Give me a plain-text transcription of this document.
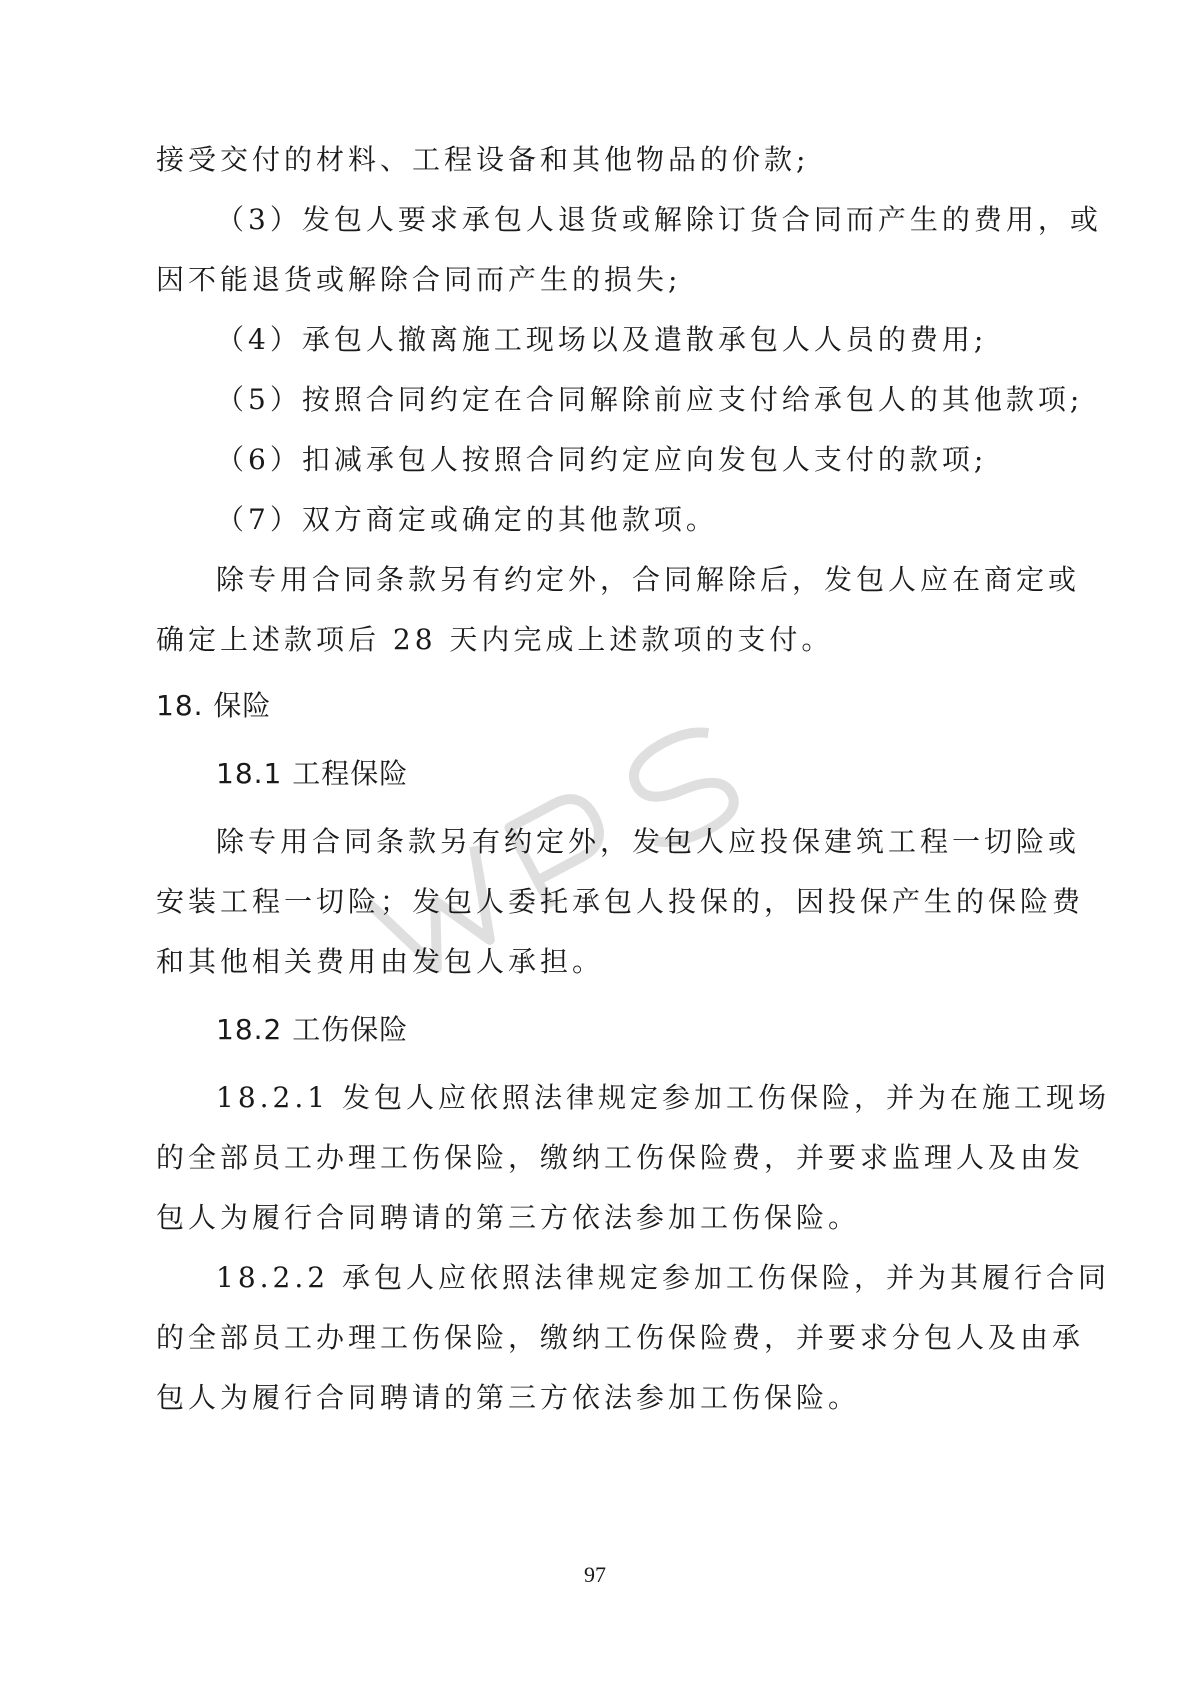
接受交付的材料、工程设备和其他物品的价款;
（3）发包人要求承包人退货或解除订货合同而产生的费用，或
因不能退货或解除合同而产生的损失;
（4）承包人撤离施工现场以及遣散承包人人员的费用;
（5）按照合同约定在合同解除前应支付给承包人的其他款项;
（6）扣减承包人按照合同约定应向发包人支付的款项;
（7）双方商定或确定的其他款项。
除专用合同条款另有约定外，合同解除后，发包人应在商定或
确定上述款项后 28 天内完成上述款项的支付。
18. 保险
18.1 工程保险
除专用合同条款另有约定外，发包人应投保建筑工程一切险或
安装工程一切险；发包人委托承包人投保的，因投保产生的保险费
和其他相关费用由发包人承担。
18.2 工伤保险
18.2.1 发包人应依照法律规定参加工伤保险，并为在施工现场
的全部员工办理工伤保险，缴纳工伤保险费，并要求监理人及由发
包人为履行合同聘请的第三方依法参加工伤保险。
18.2.2 承包人应依照法律规定参加工伤保险，并为其履行合同
的全部员工办理工伤保险，缴纳工伤保险费，并要求分包人及由承
包人为履行合同聘请的第三方依法参加工伤保险。
97
